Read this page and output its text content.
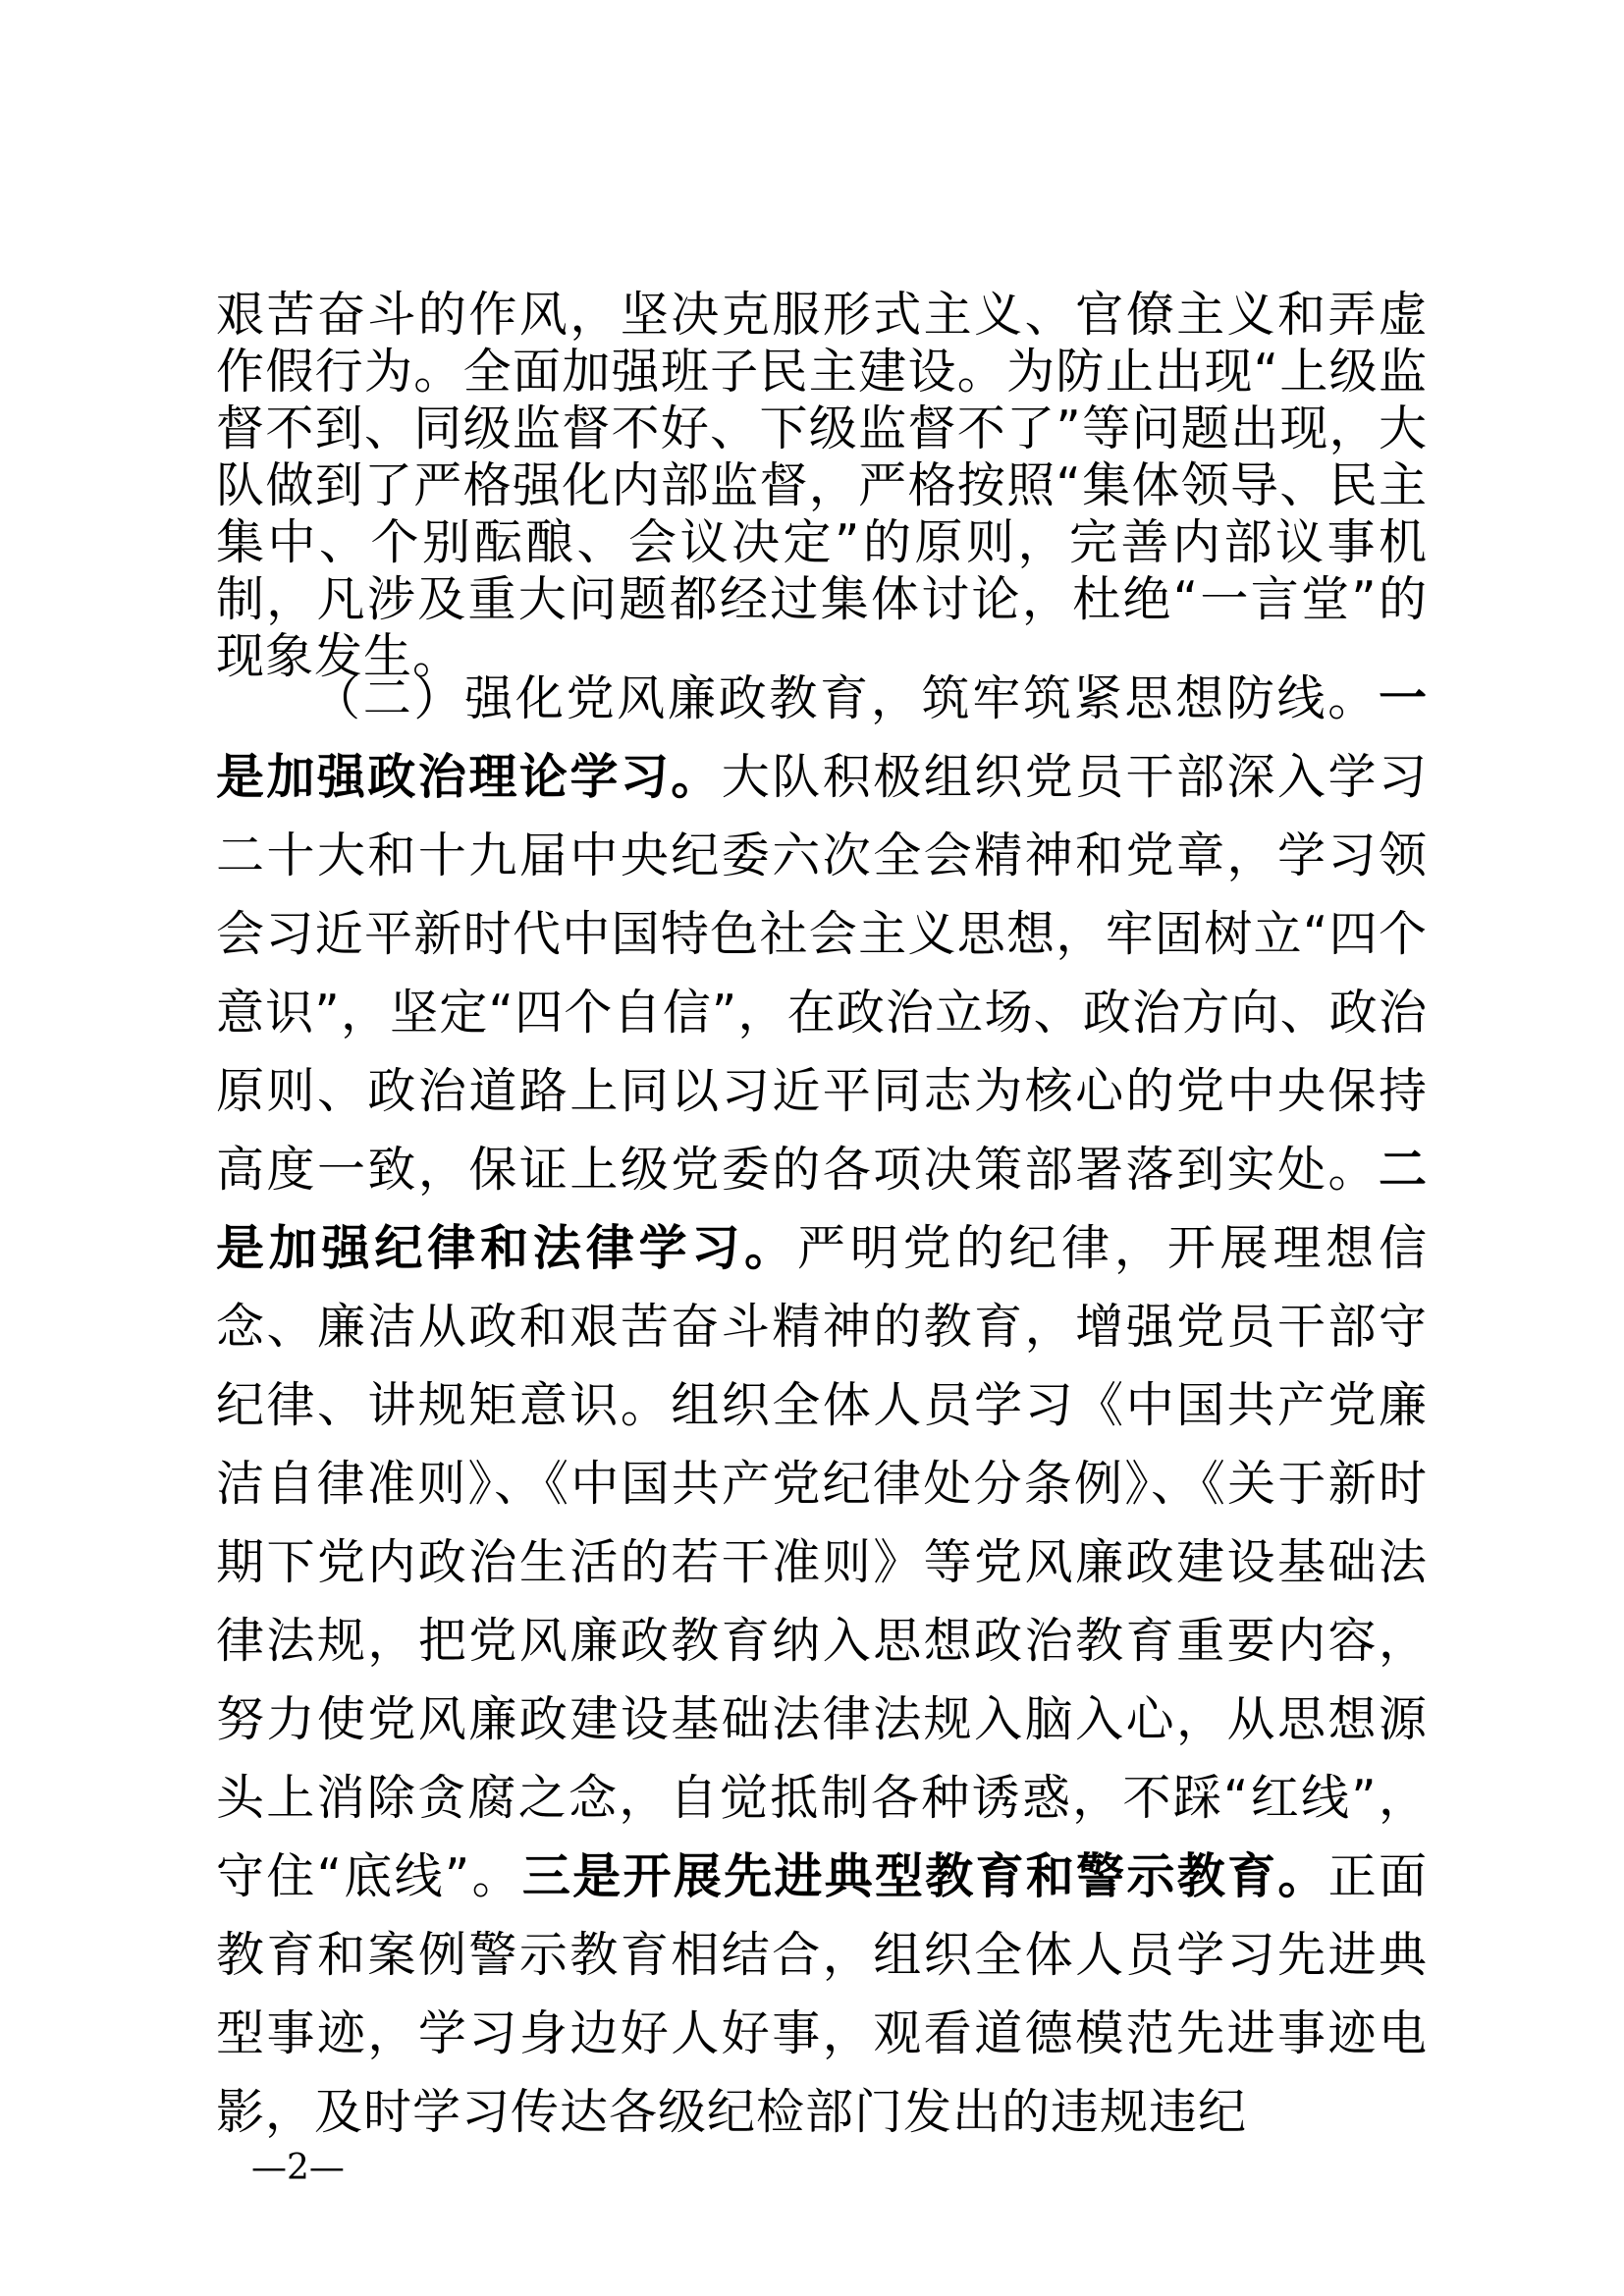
艰苦奋斗的作风，坚决克服形式主义、官僚主义和弄虚作假行为。全面加强班子民主建设。为防止出现“上级监督不到、同级监督不好、下级监督不了”等问题出现，大队做到了严格强化内部监督，严格按照“集体领导、民主集中、个别酝酿、会议决定”的原则，完善内部议事机制，凡涉及重大问题都经过集体讨论，杜绝“一言堂”的现象发生。

（二）强化党风廉政教育，筑牢筑紧思想防线。一是加强政治理论学习。大队积极组织党员干部深入学习二十大和十九届中央纪委六次全会精神和党章，学习领会习近平新时代中国特色社会主义思想，牢固树立“四个意识”，坚定“四个自信”，在政治立场、政治方向、政治原则、政治道路上同以习近平同志为核心的党中央保持高度一致，保证上级党委的各项决策部署落到实处。二是加强纪律和法律学习。严明党的纪律，开展理想信念、廉洁从政和艰苦奋斗精神的教育，增强党员干部守纪律、讲规矩意识。组织全体人员学习《中国共产党廉洁自律准则》、《中国共产党纪律处分条例》、《关于新时期下党内政治生活的若干准则》等党风廉政建设基础法律法规，把党风廉政教育纳入思想政治教育重要内容，努力使党风廉政建设基础法律法规入脑入心，从思想源头上消除贪腐之念，自觉抵制各种诱惑，不踩“红线”，守住“底线”。三是开展先进典型教育和警示教育。正面教育和案例警示教育相结合，组织全体人员学习先进典型事迹，学习身边好人好事，观看道德模范先进事迹电影，及时学习传达各级纪检部门发出的违规违纪

—2—
